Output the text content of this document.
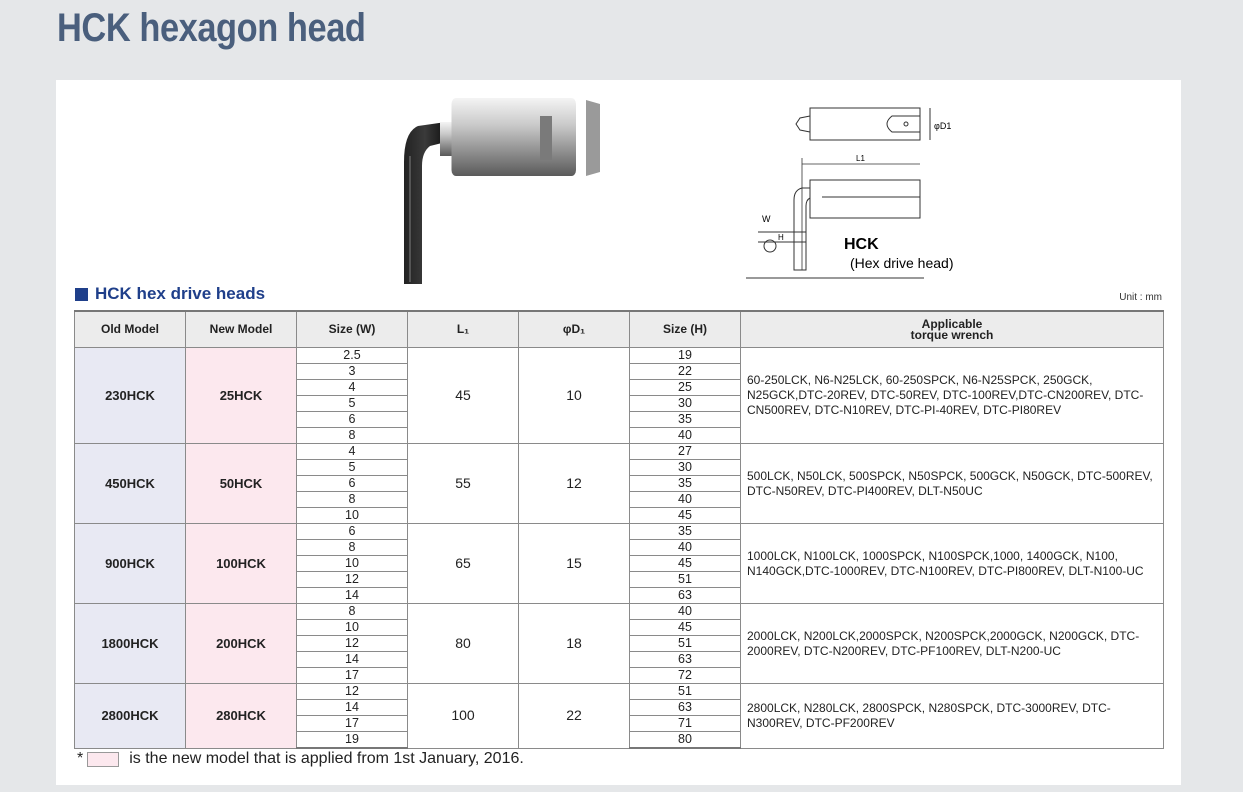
HCK hexagon head
φD1
L1
W
H	HCK
(Hex drive head)
HCK hex drive heads	Unit : mm
Old Model	New Model	Size (W)	L₁	φD₁	Size (H)	Applicable
torque wrench
230HCK	25HCK	2.5	45	10	19	60-250LCK, N6-N25LCK, 60-250SPCK, N6-N25SPCK, 250GCK, N25GCK,DTC-20REV, DTC-50REV, DTC-100REV,DTC-CN200REV, DTC-CN500REV, DTC-N10REV, DTC-PI-40REV, DTC-PI80REV
		3			22	
		4			25	
		5			30	
		6			35	
		8			40	
450HCK	50HCK	4	55	12	27	500LCK, N50LCK, 500SPCK, N50SPCK, 500GCK, N50GCK, DTC-500REV, DTC-N50REV, DTC-PI400REV, DLT-N50UC
		5			30	
		6			35	
		8			40	
		10			45	
900HCK	100HCK	6	65	15	35	1000LCK, N100LCK, 1000SPCK, N100SPCK,1000, 1400GCK, N100, N140GCK,DTC-1000REV, DTC-N100REV, DTC-PI800REV, DLT-N100-UC
		8			40	
		10			45	
		12			51	
		14			63	
1800HCK	200HCK	8	80	18	40	2000LCK, N200LCK,2000SPCK, N200SPCK,2000GCK, N200GCK, DTC-2000REV, DTC-N200REV, DTC-PF100REV, DLT-N200-UC
		10			45	
		12			51	
		14			63	
		17			72	
2800HCK	280HCK	12	100	22	51	2800LCK, N280LCK, 2800SPCK, N280SPCK, DTC-3000REV, DTC-N300REV, DTC-PF200REV
		14			63	
		17			71	
		19			80	
*	is the new model that is applied from 1st January, 2016.
